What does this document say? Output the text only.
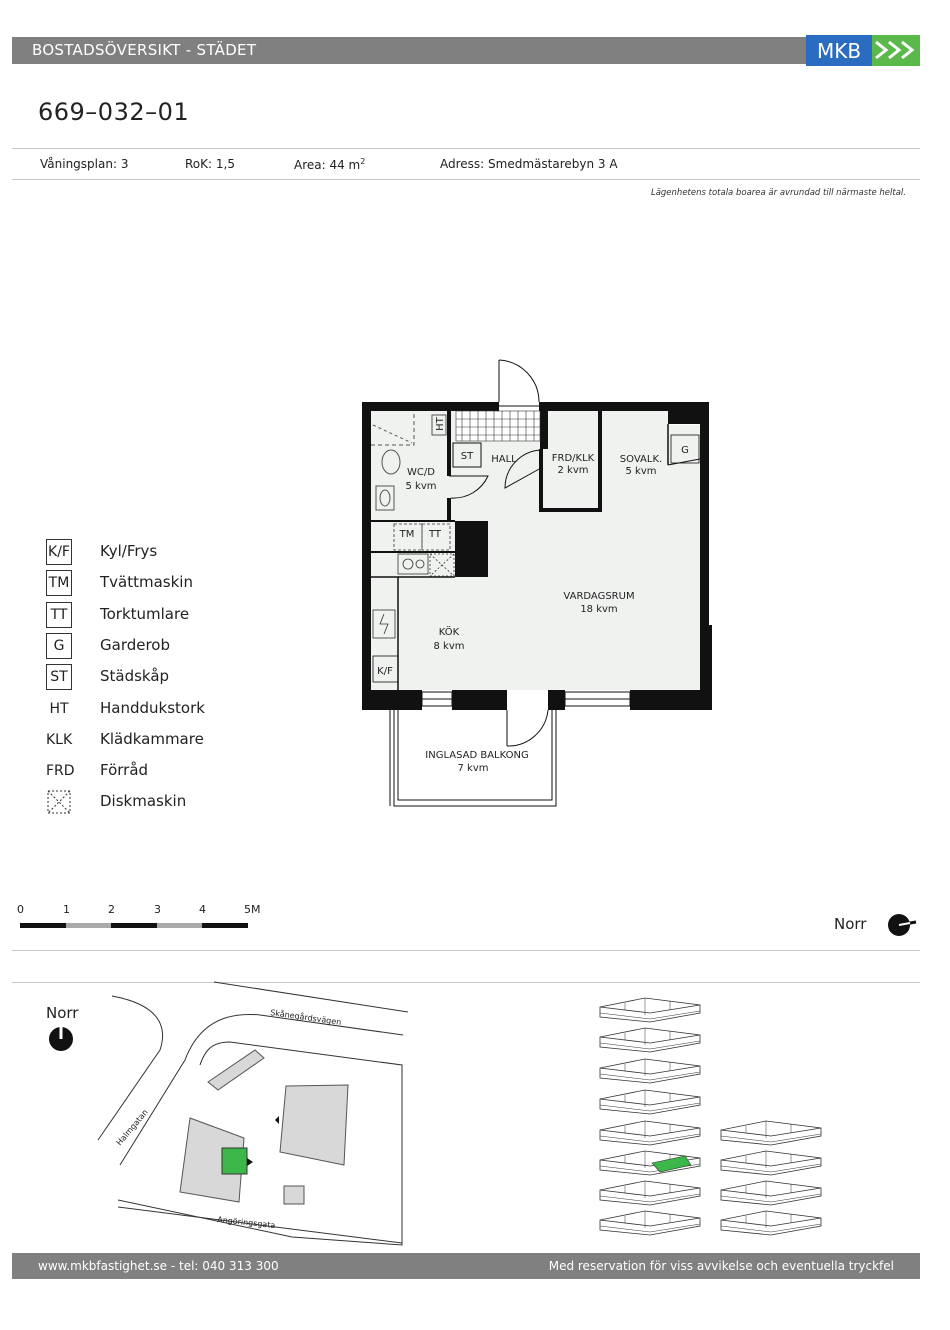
BOSTADSÖVERSIKT - STÄDET	MKB
669–032–01
Våningsplan: 3	RoK: 1,5	Area: 44 $m^2$	Adress: Smedmästarebyn 3 A
Lägenhetens totala boarea är avrundad till närmaste heltal.
WC/D
5 kvm
HALL	FRD/KLK
2 kvm
SOVALK.
5 kvm
VARDAGSRUM
18 kvm
KÖK
8 kvm
INGLASAD BALKONG
7 kvm
ST
G
TM TT
K/F
HT
K/F Kyl/Frys
TM Tvättmaskin
TT	Torktumlare
G	Garderob
ST Städskåp
HT Handdukstork
KLK Klädkammare
FRD Förråd
Diskmaskin
0	1	2	3	4	5M
Norr
Norr	Skånegårdsvägen
Halmgatan
Angöringsgata
www.mkbfastighet.se - tel: 040 313 300	Med reservation för viss avvikelse och eventuella tryckfel
